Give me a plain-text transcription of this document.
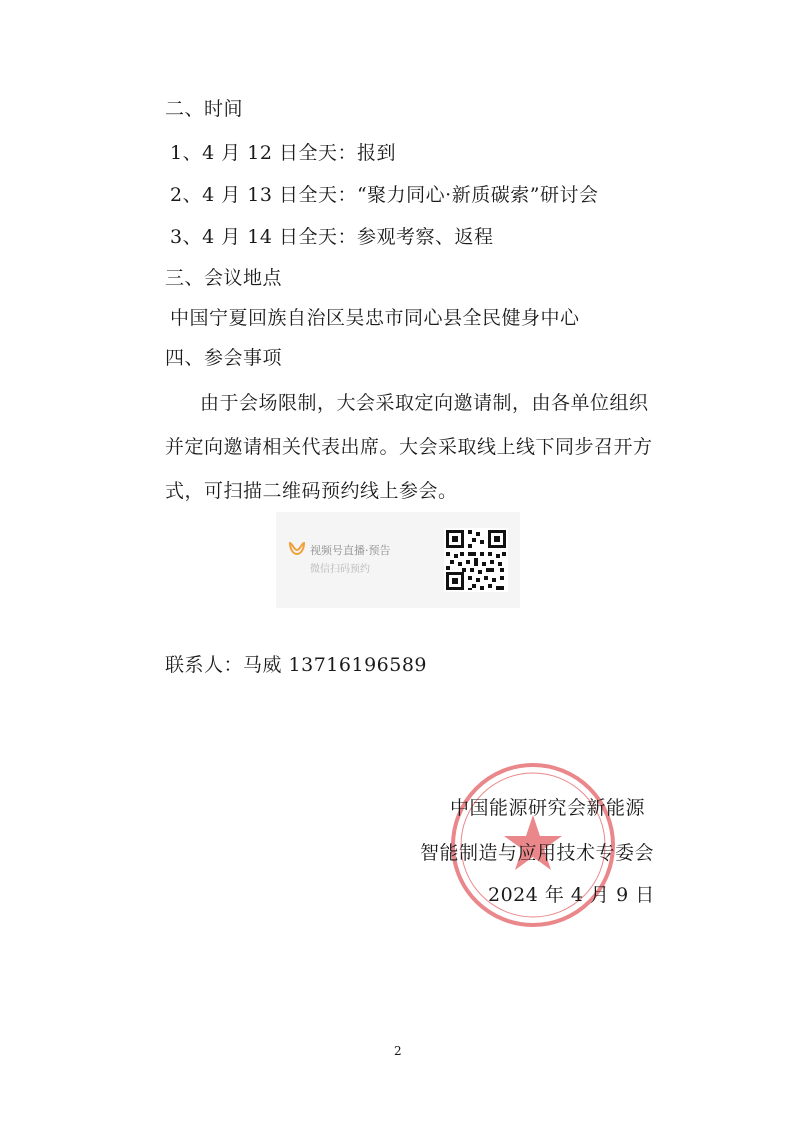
二、时间
1、4 月 12 日全天：报到
2、4 月 13 日全天：“聚力同心·新质碳索”研讨会
3、4 月 14 日全天：参观考察、返程
三、会议地点
中国宁夏回族自治区吴忠市同心县全民健身中心
四、参会事项
由于会场限制，大会采取定向邀请制，由各单位组织
并定向邀请相关代表出席。大会采取线上线下同步召开方
式，可扫描二维码预约线上参会。
视频号直播·预告
微信扫码预约
联系人：马威 13716196589
中国能源研究会新能源
智能制造与应用技术专委会
2024 年 4 月 9 日
2
